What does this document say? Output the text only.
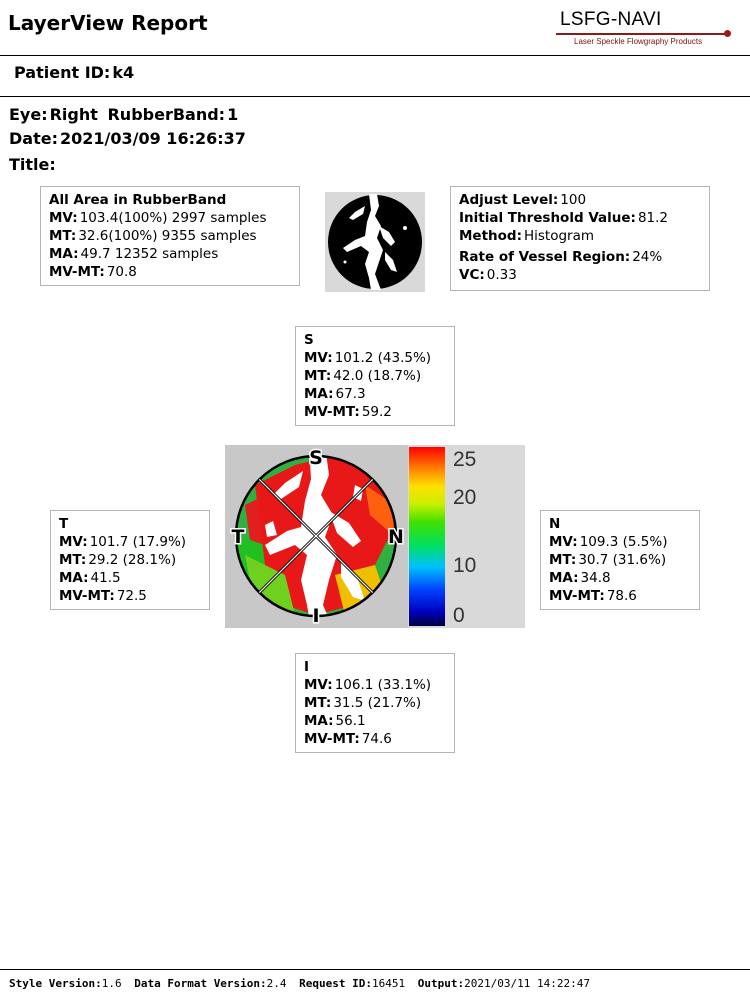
LayerView Report	LSFG-NAVI
Laser Speckle Flowgraphy Products
Patient ID: k4
Eye: Right RubberBand: 1
Date: 2021/03/09 16:26:37
Title:
All Area in RubberBand
MV: 103.4(100%) 2997 samples
MT: 32.6(100%) 9355 samples
MA: 49.7 12352 samples
MV-MT: 70.8
Adjust Level: 100
Initial Threshold Value: 81.2
Method: Histogram
Rate of Vessel Region: 24%
VC: 0.33
S
MV: 101.2 (43.5%)
MT: 42.0 (18.7%)
MA: 67.3
MV-MT: 59.2
T
MV: 101.7 (17.9%)
MT: 29.2 (28.1%)
MA: 41.5
MV-MT: 72.5
N
MV: 109.3 (5.5%)
MT: 30.7 (31.6%)
MA: 34.8
MV-MT: 78.6
I
MV: 106.1 (33.1%)
MT: 31.5 (21.7%)
MA: 56.1
MV-MT: 74.6
S
T	N
I
25
20
10
0
Style Version:1.6 Data Format Version:2.4 Request ID:16451 Output:2021/03/11 14:22:47
